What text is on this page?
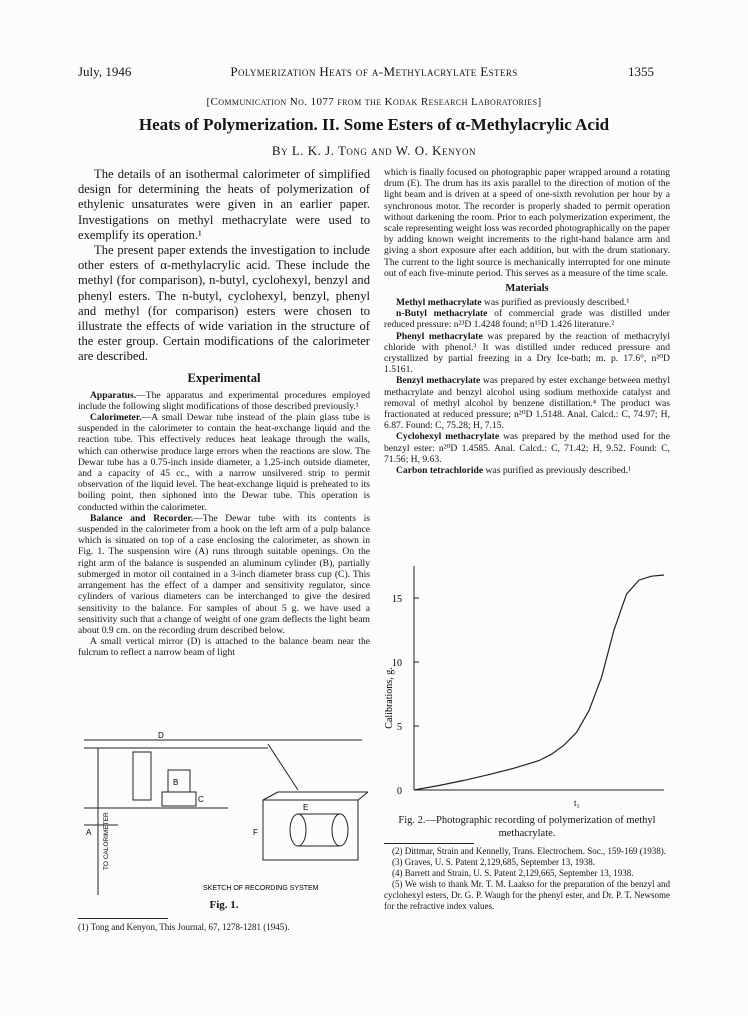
July, 1946	Polymerization Heats of α-Methylacrylate Esters	1355
[Communication No. 1077 from the Kodak Research Laboratories]
Heats of Polymerization. II. Some Esters of α-Methylacrylic Acid
By L. K. J. Tong and W. O. Kenyon

The details of an isothermal calorimeter of simplified design for determining the heats of polymerization of ethylenic unsaturates were given in an earlier paper. Investigations on methyl methacrylate were used to exemplify its operation.¹

The present paper extends the investigation to include other esters of α-methylacrylic acid. These include the methyl (for comparison), n-butyl, cyclohexyl, benzyl and phenyl esters. The n-butyl, cyclohexyl, benzyl, phenyl and methyl (for comparison) esters were chosen to illustrate the effects of wide variation in the structure of the ester group. Certain modifications of the calorimeter are described.

Experimental

Apparatus.—The apparatus and experimental procedures employed include the following slight modifications of those described previously.¹

Calorimeter.—A small Dewar tube instead of the plain glass tube is suspended in the calorimeter to contain the heat-exchange liquid and the reaction tube. This effectively reduces heat leakage through the walls, which can otherwise produce large errors when the reactions are slow. The Dewar tube has a 0.75-inch inside diameter, a 1.25-inch outside diameter, and a capacity of 45 cc., with a narrow unsilvered strip to permit observation of the liquid level. The heat-exchange liquid is preheated to its boiling point, then siphoned into the Dewar tube. This operation is conducted within the calorimeter.

Balance and Recorder.—The Dewar tube with its contents is suspended in the calorimeter from a hook on the left arm of a pulp balance which is situated on top of a case enclosing the calorimeter, as shown in Fig. 1. The suspension wire (A) runs through suitable openings. On the right arm of the balance is suspended an aluminum cylinder (B), partially submerged in motor oil contained in a 3-inch diameter brass cup (C). This arrangement has the effect of a damper and sensitivity regulator, since cylinders of various diameters can be interchanged to give the desired sensitivity to the balance. For samples of about 5 g. we have used a sensitivity such that a change of weight of one gram deflects the light beam about 0.9 cm. on the recording drum described below.

A small vertical mirror (D) is attached to the balance beam near the fulcrum to reflect a narrow beam of light

D
B
C
A	F
E
TO CALORIMETER
SKETCH OF RECORDING SYSTEM
Fig. 1.
(1) Tong and Kenyon, This Journal, 67, 1278-1281 (1945).

which is finally focused on photographic paper wrapped around a rotating drum (E). The drum has its axis parallel to the direction of motion of the light beam and is driven at a speed of one-sixth revolution per hour by a synchronous motor. The recorder is properly shaded to permit operation without darkening the room. Prior to each polymerization experiment, the scale representing weight loss was recorded photographically on the paper by adding known weight increments to the right-hand balance arm and giving a short exposure after each addition, but with the drum stationary. The current to the light source is mechanically interrupted for one minute out of each five-minute period. This serves as a measure of the time scale.

Materials

Methyl methacrylate was purified as previously described.¹

n-Butyl methacrylate of commercial grade was distilled under reduced pressure: n²³D 1.4248 found; n¹⁵D 1.426 literature.²

Phenyl methacrylate was prepared by the reaction of methacrylyl chloride with phenol.³ It was distilled under reduced pressure and crystallized by partial freezing in a Dry Ice-bath; m. p. 17.6°, n²⁰D 1.5161.

Benzyl methacrylate was prepared by ester exchange between methyl methacrylate and benzyl alcohol using sodium methoxide catalyst and removal of methyl alcohol by benzene distillation.⁴ The product was fractionated at reduced pressure; n²⁰D 1.5148. Anal. Calcd.: C, 74.97; H, 6.87. Found: C, 75.28; H, 7.15.

Cyclohexyl methacrylate was prepared by the method used for the benzyl ester: n²⁰D 1.4585. Anal. Calcd.: C, 71.42; H, 9.52. Found: C, 71.56; H, 9.63.

Carbon tetrachloride was purified as previously described.¹

0
5
10
15
Calibrations, g.
t₁
Fig. 2.—Photographic recording of polymerization of methyl methacrylate.

(2) Dittmar, Strain and Kennelly, Trans. Electrochem. Soc., 159-169 (1938).

(3) Graves, U. S. Patent 2,129,685, September 13, 1938.

(4) Barrett and Strain, U. S. Patent 2,129,665, September 13, 1938.

(5) We wish to thank Mr. T. M. Laakso for the preparation of the benzyl and cyclohexyl esters, Dr. G. P. Waugh for the phenyl ester, and Dr. P. T. Newsome for the refractive index values.
